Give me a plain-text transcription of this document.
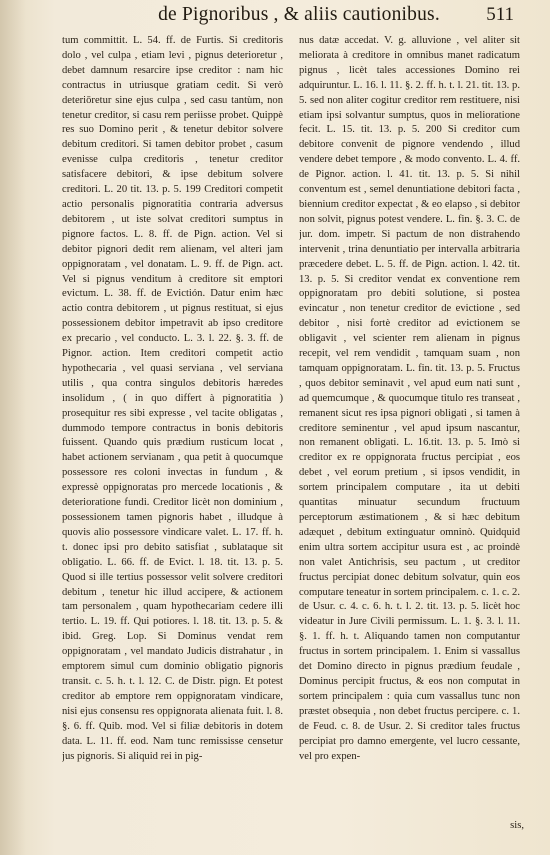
de Pignoribus , & aliis cautionibus. 511

tum committit. L. 54. ff. de Furtis. Si creditoris dolo , vel culpa , etiam levi , pignus deterioretur , debet damnum resarcire ipse creditor : nam hic contractus in utriusque gratiam cedit. Si verò deteriōretur sine ejus culpa , sed casu tantùm, non tenetur creditor, si casu rem periisse probet. Quippè res suo Domino perit , & tenetur debitor solvere debitum creditori. Si tamen debitor probet , casum evenisse culpa creditoris , tenetur creditor satisfacere debitori, & ipse debitum solvere creditori. L. 20 tit. 13. p. 5. 199 Creditori competit actio personalis pignoratitia contraria adversus debitorem , ut iste solvat creditori sumptus in pignore factos. L. 8. ff. de Pign. action. Vel si debitor pignori dedit rem alienam, vel alteri jam oppignoratam , vel donatam. L. 9. ff. de Pign. act. Vel si pignus venditum à creditore sit emptori evictum. L. 38. ff. de Evictión. Datur enim hæc actio contra debitorem , ut pignus restituat, si ejus possessionem debitor impetravit ab ipso creditore ex precario , vel conducto. L. 3. l. 22. §. 3. ff. de Pignor. action. Item creditori competit actio hypothecaria , vel quasi serviana , vel serviana utilis , qua contra singulos debitoris hæredes insolidum , ( in quo differt à pignoratitia ) prosequitur res sibi expresse , vel tacite obligatas , dummodo tempore contractus in bonis debitoris fuissent. Quando quis prædium rusticum locat , habet actionem servianam , qua petit à quocumque possessore res coloni invectas in fundum , & expressè oppignoratas pro mercede locationis , & deterioratione fundi. Creditor licèt non dominium , possessionem tamen pignoris habet , illudque à quovis alio possessore vindicare valet. L. 17. ff. h. t. donec ipsi pro debito satisfiat , sublataque sit obligatio. L. 66. ff. de Evict. l. 18. tit. 13. p. 5. Quod si ille tertius possessor velit solvere creditori debitum , tenetur hic illud accipere, & actionem tam personalem , quam hypothecariam cedere illi tertio. L. 19. ff. Qui potiores. l. 18. tit. 13. p. 5. & ibid. Greg. Lop. Si Dominus vendat rem oppignoratam , vel mandato Judicis distrahatur , in emptorem simul cum dominio obligatio pignoris transit. c. 5. h. t. l. 12. C. de Distr. pign. Et potest creditor ab emptore rem oppignoratam vindicare, nisi ejus consensu res oppignorata alienata fuit. l. 8. §. 6. ff. Quib. mod. Vel si filiæ debitoris in dotem data. L. 11. ff. eod. Nam tunc remississe censetur jus pignoris. Si aliquid rei in pig-

nus datæ accedat. V. g. alluvione , vel aliter sit meliorata à creditore in omnibus manet radicatum pignus , licèt tales accessiones Domino rei adquiruntur. L. 16. l. 11. §. 2. ff. h. t. l. 21. tit. 13. p. 5. sed non aliter cogitur creditor rem restituere, nisi etiam ipsi solvantur sumptus, quos in melioratione fecit. L. 15. tit. 13. p. 5. 200 Si creditor cum debitore convenit de pignore vendendo , illud vendere debet tempore , & modo convento. L. 4. ff. de Pignor. action. l. 41. tit. 13. p. 5. Si nihil conventum est , semel denuntiatione debitori facta , biennium creditor expectat , & eo elapso , si debitor non solvit, pignus potest vendere. L. fin. §. 3. C. de jur. dom. impetr. Si pactum de non distrahendo intervenit , trina denuntiatio per intervalla arbitraria præcedere debet. L. 5. ff. de Pign. action. l. 42. tit. 13. p. 5. Si creditor vendat ex conventione rem oppignoratam pro debiti solutione, si postea evincatur , non tenetur creditor de evictione , sed debitor , nisi fortè creditor ad evictionem se obligavit , vel scienter rem alienam in pignus recepit, vel rem vendidit , tamquam suam , non tamquam oppignoratam. L. fin. tit. 13. p. 5. Fructus , quos debitor seminavit , vel apud eum nati sunt , ad quemcumque , & quocumque titulo res transeat , remanent sicut res ipsa pignori obligati , si tamen à creditore seminentur , vel apud ipsum nascantur, non remanent obligati. L. 16.tit. 13. p. 5. Imò si creditor ex re oppignorata fructus percipiat , eos debet , vel eorum pretium , si ipsos vendidit, in sortem principalem computare , ita ut debiti quantitas minuatur secundum fructuum perceptorum æstimationem , & si hæc debitum adæquet , debitum extinguatur omninò. Quidquid enim ultra sortem accipitur usura est , ac proindè non valet Antichrisis, seu pactum , ut creditor fructus percipiat donec debitum solvatur, quin eos computare teneatur in sortem principalem. c. 1. c. 2. de Usur. c. 4. c. 6. h. t. l. 2. tit. 13. p. 5. licèt hoc videatur in Jure Civili permissum. L. 1. §. 3. l. 11. §. 1. ff. h. t. Aliquando tamen non computantur fructus in sortem principalem. 1. Enim si vassallus det Domino directo in pignus prædium feudale , Dominus percipit fructus, & eos non computat in sortem principalem : quia cum vassallus tunc non præstet obsequia , non debet fructus percipere. c. 1. de Feud. c. 8. de Usur. 2. Si creditor tales fructus percipiat pro damno emergente, vel lucro cessante, vel pro expen-

sis,
